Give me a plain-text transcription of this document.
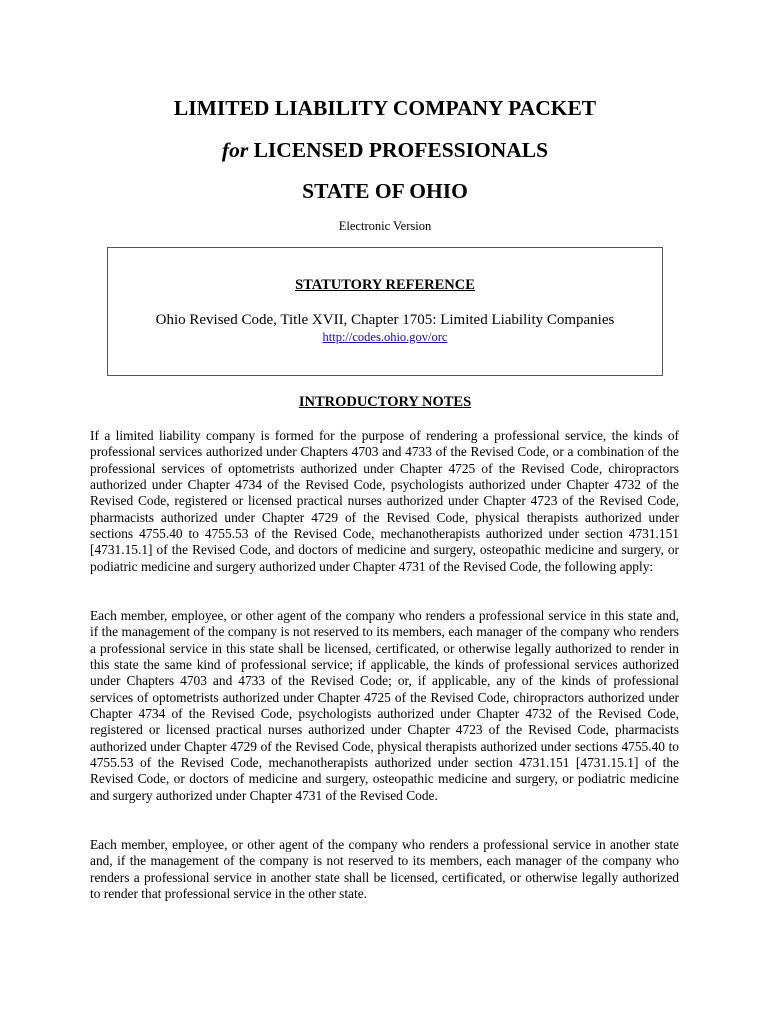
LIMITED LIABILITY COMPANY PACKET
for LICENSED PROFESSIONALS
STATE OF OHIO
Electronic Version
STATUTORY REFERENCE
Ohio Revised Code, Title XVII, Chapter 1705: Limited Liability Companies
http://codes.ohio.gov/orc
INTRODUCTORY NOTES

If a limited liability company is formed for the purpose of rendering a professional service, the kinds of professional services authorized under Chapters 4703 and 4733 of the Revised Code, or a combination of the professional services of optometrists authorized under Chapter 4725 of the Revised Code, chiropractors authorized under Chapter 4734 of the Revised Code, psychologists authorized under Chapter 4732 of the Revised Code, registered or licensed practical nurses authorized under Chapter 4723 of the Revised Code, pharmacists authorized under Chapter 4729 of the Revised Code, physical therapists authorized under sections 4755.40 to 4755.53 of the Revised Code, mechanotherapists authorized under section 4731.151 [4731.15.1] of the Revised Code, and doctors of medicine and surgery, osteopathic medicine and surgery, or podiatric medicine and surgery authorized under Chapter 4731 of the Revised Code, the following apply:

Each member, employee, or other agent of the company who renders a professional service in this state and, if the management of the company is not reserved to its members, each manager of the company who renders a professional service in this state shall be licensed, certificated, or otherwise legally authorized to render in this state the same kind of professional service; if applicable, the kinds of professional services authorized under Chapters 4703 and 4733 of the Revised Code; or, if applicable, any of the kinds of professional services of optometrists authorized under Chapter 4725 of the Revised Code, chiropractors authorized under Chapter 4734 of the Revised Code, psychologists authorized under Chapter 4732 of the Revised Code, registered or licensed practical nurses authorized under Chapter 4723 of the Revised Code, pharmacists authorized under Chapter 4729 of the Revised Code, physical therapists authorized under sections 4755.40 to 4755.53 of the Revised Code, mechanotherapists authorized under section 4731.151 [4731.15.1] of the Revised Code, or doctors of medicine and surgery, osteopathic medicine and surgery, or podiatric medicine and surgery authorized under Chapter 4731 of the Revised Code.

Each member, employee, or other agent of the company who renders a professional service in another state and, if the management of the company is not reserved to its members, each manager of the company who renders a professional service in another state shall be licensed, certificated, or otherwise legally authorized to render that professional service in the other state.
